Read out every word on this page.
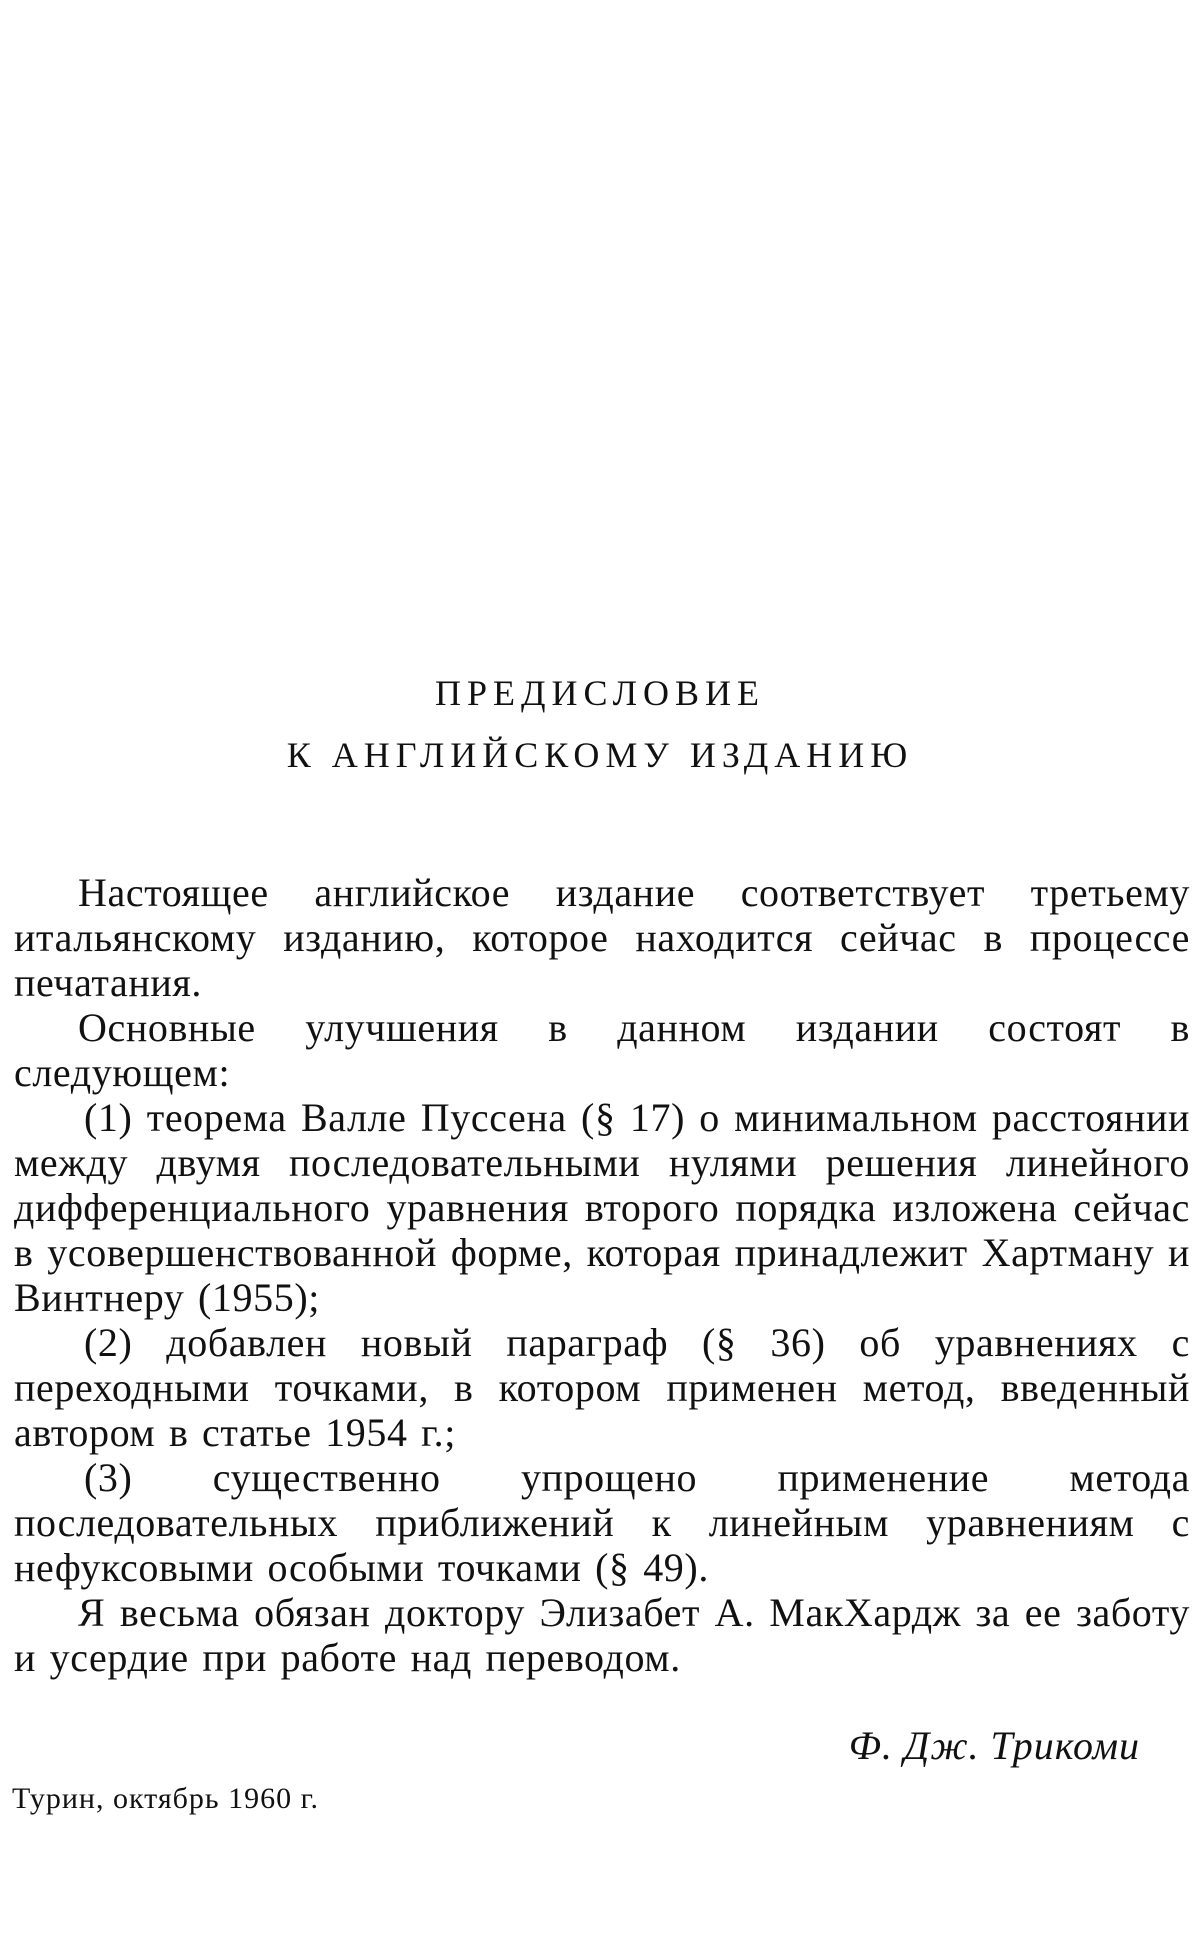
ПРЕДИСЛОВИЕ
К АНГЛИЙСКОМУ ИЗДАНИЮ

Настоящее английское издание соответствует третьему итальянскому изданию, которое находится сейчас в процессе печатания.

Основные улучшения в данном издании состоят в следующем:

(1) теорема Валле Пуссена (§ 17) о минимальном расстоянии между двумя последовательными нулями решения линейного дифференциального уравнения второго порядка изложена сейчас в усовершенствованной форме, которая принадлежит Хартману и Винтнеру (1955);

(2) добавлен новый параграф (§ 36) об уравнениях с переходными точками, в котором применен метод, введенный автором в статье 1954 г.;

(3) существенно упрощено применение метода последовательных приближений к линейным уравнениям с нефуксовыми особыми точками (§ 49).

Я весьма обязан доктору Элизабет А. МакХардж за ее заботу и усердие при работе над переводом.

Ф. Дж. Трикоми
Турин, октябрь 1960 г.
